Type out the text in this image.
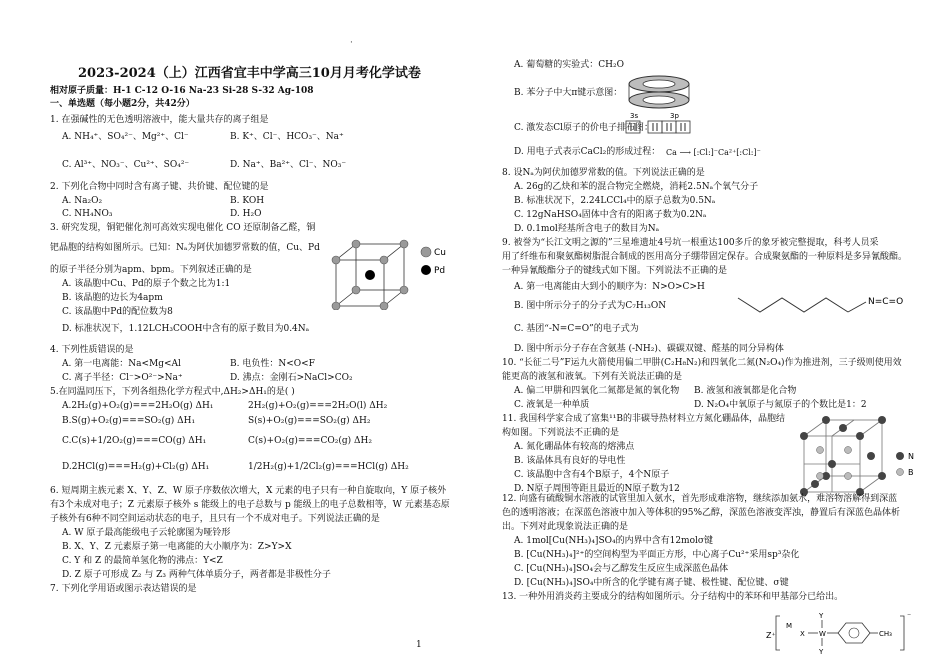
·
2023-2024（上）江西省宜丰中学高三10月月考化学试卷
相对原子质量：H-1 C-12 O-16 Na-23 Si-28 S-32 Ag-108
一、单选题（每小题2分，共42分）
1. 在强碱性的无色透明溶液中，能大量共存的离子组是
A. NH₄⁺、SO₄²⁻、Mg²⁺、Cl⁻	B. K⁺、Cl⁻、HCO₃⁻、Na⁺
C. Al³⁺、NO₃⁻、Cu²⁺、SO₄²⁻	D. Na⁺、Ba²⁺、Cl⁻、NO₃⁻
2. 下列化合物中同时含有离子键、共价键、配位键的是
A. Na₂O₂	B. KOH
C. NH₄NO₃	D. H₂O
3. 研究发现，铜钯催化剂可高效实现电催化 CO 还原制备乙醛，铜
钯晶胞的结构如图所示。已知：Nₐ为阿伏加德罗常数的值，Cu、Pd
的原子半径分别为apm、bpm。下列叙述正确的是
A. 该晶胞中Cu、Pd的原子个数之比为1:1
B. 该晶胞的边长为4apm
C. 该晶胞中Pd的配位数为8
D. 标准状况下，1.12LCH₃COOH中含有的原子数目为0.4Nₐ
Cu
Pd
4. 下列性质错误的是
A. 第一电离能：Na<Mg<Al	B. 电负性：N<O<F
C. 离子半径：Cl⁻>O²⁻>Na⁺	D. 沸点：金刚石>NaCl>CO₂
5.在同温同压下，下列各组热化学方程式中,ΔH₂>ΔH₁的是( )
A.2H₂(g)+O₂(g)===2H₂O(g) ΔH₁	2H₂(g)+O₂(g)===2H₂O(l) ΔH₂
B.S(g)+O₂(g)===SO₂(g) ΔH₁	S(s)+O₂(g)===SO₂(g) ΔH₂
C.C(s)+1/2O₂(g)===CO(g) ΔH₁	C(s)+O₂(g)===CO₂(g) ΔH₂
D.2HCl(g)===H₂(g)+Cl₂(g) ΔH₁	1/2H₂(g)+1/2Cl₂(g)===HCl(g) ΔH₂
6. 短周期主族元素 X、Y、Z、W 原子序数依次增大，X 元素的电子只有一种自旋取向，Y 原子核外
有3个未成对电子；Z 元素原子核外 s 能级上的电子总数与 p 能级上的电子总数相等，W 元素基态原
子核外有6种不同空间运动状态的电子，且只有一个不成对电子。下列说法正确的是
A. W 原子最高能级电子云轮廓图为哑铃形
B. X、Y、Z 元素原子第一电离能的大小顺序为：Z>Y>X
C. Y 和 Z 的最简单氢化物的沸点：Y<Z
D. Z 原子可形成 Z₂ 与 Z₃ 两种气体单质分子，两者都是非极性分子
7. 下列化学用语或图示表达错误的是
A. 葡萄糖的实验式：CH₂O
B. 苯分子中大π键示意图：
C. 激发态Cl原子的价电子排布图：
3s	3p
D. 用电子式表示CaCl₂的形成过程： Ca ⟶ [:Cl:]⁻Ca²⁺[:Cl:]⁻
8. 设Nₐ为阿伏加德罗常数的值。下列说法正确的是
A. 26g的乙炔和苯的混合物完全燃烧，消耗2.5Nₐ个氧气分子
B. 标准状况下，2.24LCCl₄中的原子总数为0.5Nₐ
C. 12gNaHSO₄固体中含有的阳离子数为0.2Nₐ
D. 0.1mol羟基所含电子的数目为Nₐ
9. 被誉为“长江文明之源的”三星堆遗址4号坑一根重达100多斤的象牙被完整提取，科考人员采
用了纤维布和聚氨酯树脂混合制成的医用高分子绷带固定保存。合成聚氨酯的一种原料是多异氰酸酯。
一种异氰酸酯分子的键线式如下图。下列说法不正确的是
A. 第一电离能由大到小的顺序为：N>O>C>H
B. 图中所示分子的分子式为C₇H₁₃ON
C. 基团“-N=C=O”的电子式为
D. 图中所示分子存在含氨基 (-NH₂)、碳碳双键、醛基的同分异构体
N=C=O
10. “长征二号”F运九火箭使用偏二甲肼(C₂H₈N₂)和四氧化二氮(N₂O₄)作为推进剂，三子级则使用效
能更高的液氢和液氧。下列有关说法正确的是
A. 偏二甲肼和四氧化二氮都是氮的氧化物 B. 液氢和液氧都是化合物
C. 液氧是一种单质	D. N₂O₄中氧原子与氮原子的个数比是1：2
11. 我国科学家合成了富集¹¹B的非碳导热材料立方氮化硼晶体，晶胞结
构如图。下列说法不正确的是
A. 氮化硼晶体有较高的熔沸点
B. 该晶体具有良好的导电性
C. 该晶胞中含有4个B原子，4个N原子
D. N原子周围等距且最近的N原子数为12
N
B
12. 向盛有硫酸铜水溶液的试管里加入氨水，首先形成难溶物，继续添加氨水，难溶物溶解得到深蓝
色的透明溶液；在深蓝色溶液中加入等体积的95%乙醇，深蓝色溶液变浑浊，静置后有深蓝色晶体析
出。下列对此现象说法正确的是
A. 1mol[Cu(NH₃)₄]SO₄的内界中含有12molσ键
B. [Cu(NH₃)₄]²⁺的空间构型为平面正方形，中心离子Cu²⁺采用sp³杂化
C. [Cu(NH₃)₄]SO₄会与乙醇发生反应生成深蓝色晶体
D. [Cu(NH₃)₄]SO₄中所含的化学键有离子键、极性键、配位键、σ键
13. 一种外用消炎药主要成分的结构如图所示。分子结构中的苯环和甲基部分已给出。
Z⁺
M
X W
Y
Y
CH₃
⁻
1
